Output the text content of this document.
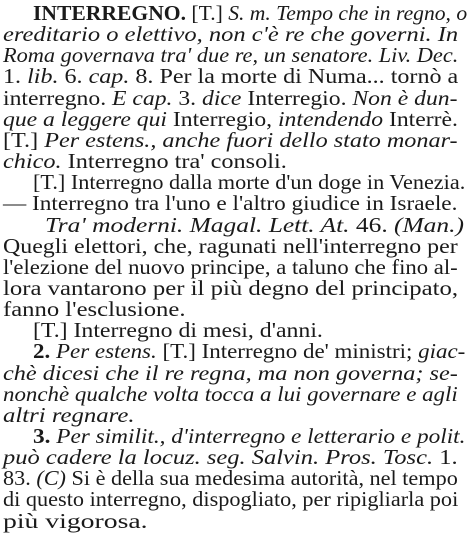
INTERREGNO. [T.] S. m. Tempo che in regno, o
ereditario o elettivo, non c'è re che governi. In
Roma governava tra' due re, un senatore. Liv. Dec.
1. lib. 6. cap. 8. Per la morte di Numa... tornò a
interregno. E cap. 3. dice Interregio. Non è dun-
que a leggere qui Interregio, intendendo Interrè.
[T.] Per estens., anche fuori dello stato monar-
chico. Interregno tra' consoli.
[T.] Interregno dalla morte d'un doge in Venezia.
— Interregno tra l'uno e l'altro giudice in Israele.
Tra' moderni. Magal. Lett. At. 46. (Man.)
Quegli elettori, che, ragunati nell'interregno per
l'elezione del nuovo principe, a taluno che fino al-
lora vantarono per il più degno del principato,
fanno l'esclusione.
[T.] Interregno di mesi, d'anni.
2. Per estens. [T.] Interregno de' ministri; giac-
chè dicesi che il re regna, ma non governa; se-
nonchè qualche volta tocca a lui governare e agli
altri regnare.
3. Per similit., d'interregno e letterario e polit.
può cadere la locuz. seg. Salvin. Pros. Tosc. 1.
83. (C) Si è della sua medesima autorità, nel tempo
di questo interregno, dispogliato, per ripigliarla poi
più vigorosa.
